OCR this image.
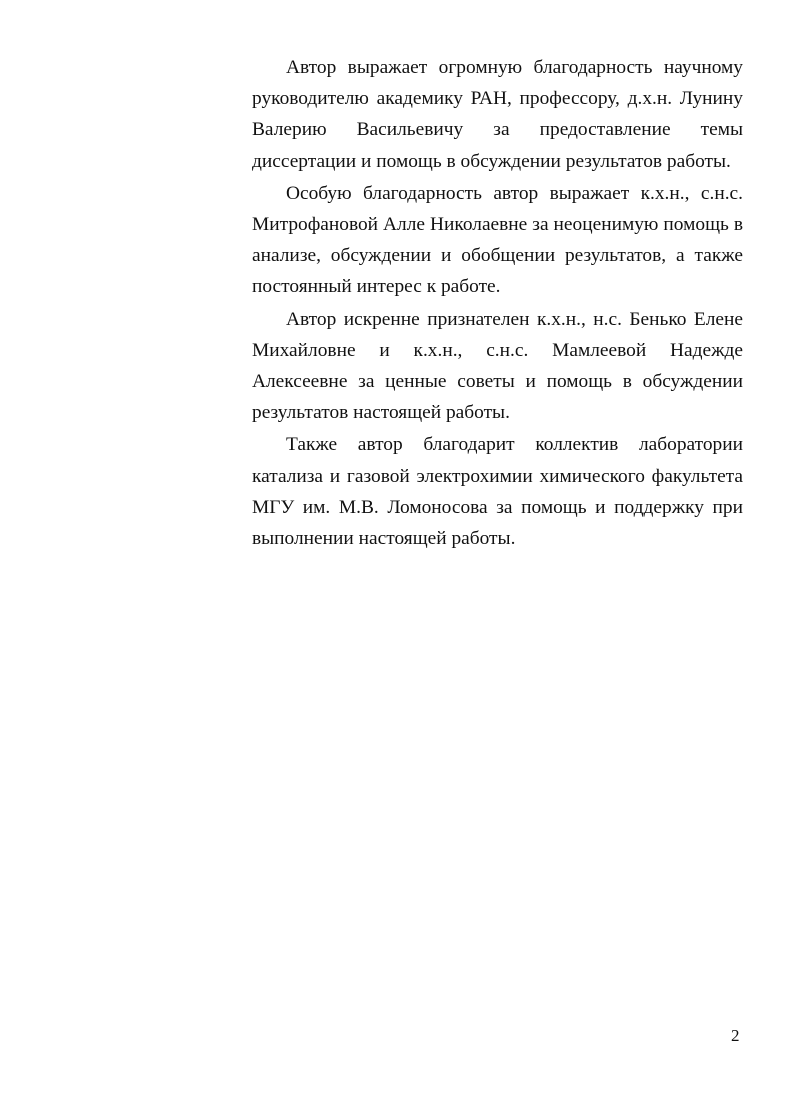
Автор выражает огромную благодарность научному руководителю академику РАН, профессору, д.х.н. Лунину Валерию Васильевичу за предоставление темы диссертации и помощь в обсуждении результатов работы.

Особую благодарность автор выражает к.х.н., с.н.с. Митрофановой Алле Николаевне за неоценимую помощь в анализе, обсуждении и обобщении результатов, а также постоянный интерес к работе.

Автор искренне признателен к.х.н., н.с. Бенько Елене Михайловне и к.х.н., с.н.с. Мамлеевой Надежде Алексеевне за ценные советы и помощь в обсуждении результатов настоящей работы.

Также автор благодарит коллектив лаборатории катализа и газовой электрохимии химического факультета МГУ им. М.В. Ломоносова за помощь и поддержку при выполнении настоящей работы.

2
